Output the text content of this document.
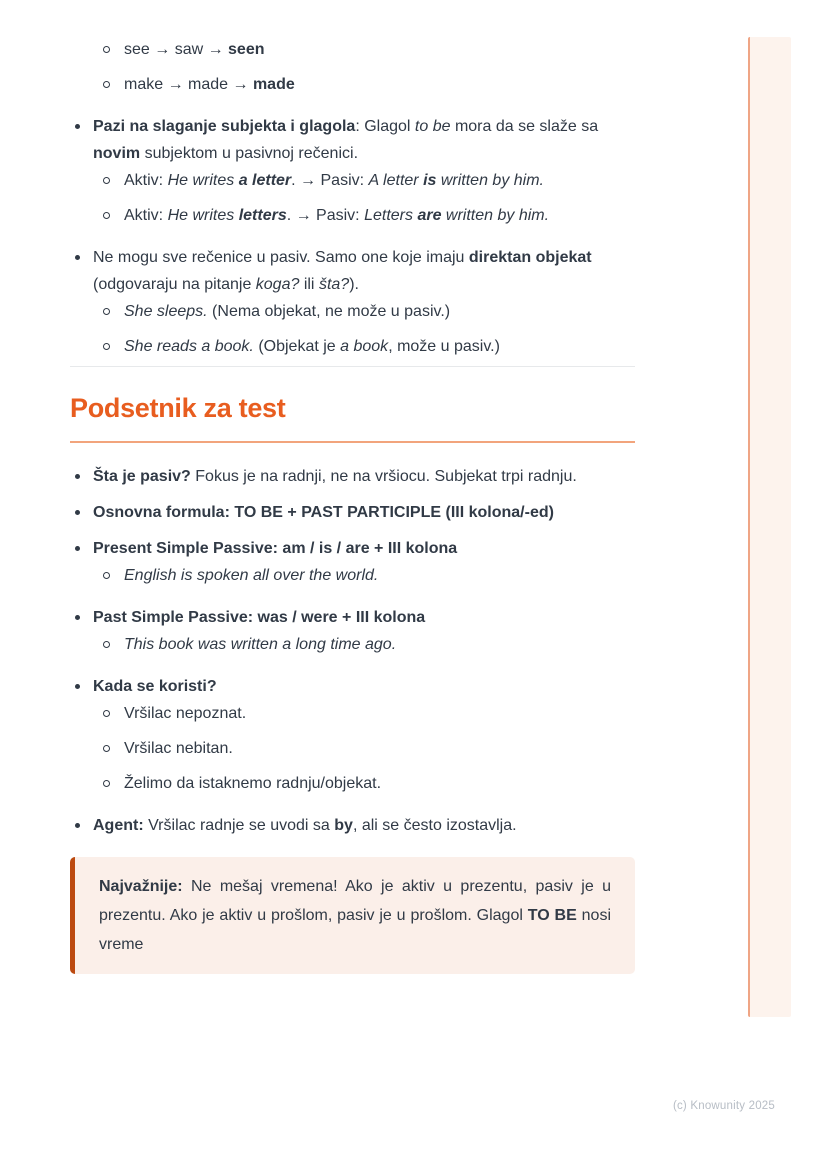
see → saw → seen
make → made → made
Pazi na slaganje subjekta i glagola: Glagol to be mora da se slaže sa novim subjektom u pasivnoj rečenici.
Aktiv: He writes a letter. → Pasiv: A letter is written by him.
Aktiv: He writes letters. → Pasiv: Letters are written by him.
Ne mogu sve rečenice u pasiv. Samo one koje imaju direktan objekat (odgovaraju na pitanje koga? ili šta?).
She sleeps. (Nema objekat, ne može u pasiv.)
She reads a book. (Objekat je a book, može u pasiv.)
Podsetnik za test
Šta je pasiv? Fokus je na radnji, ne na vršiocu. Subjekat trpi radnju.
Osnovna formula: TO BE + PAST PARTICIPLE (III kolona/-ed)
Present Simple Passive: am / is / are + III kolona
English is spoken all over the world.
Past Simple Passive: was / were + III kolona
This book was written a long time ago.
Kada se koristi?
Vršilac nepoznat.
Vršilac nebitan.
Želimo da istaknemo radnju/objekat.
Agent: Vršilac radnje se uvodi sa by, ali se često izostavlja.
Najvažnije: Ne mešaj vremena! Ako je aktiv u prezentu, pasiv je u prezentu. Ako je aktiv u prošlom, pasiv je u prošlom. Glagol TO BE nosi vreme
(c) Knowunity 2025
